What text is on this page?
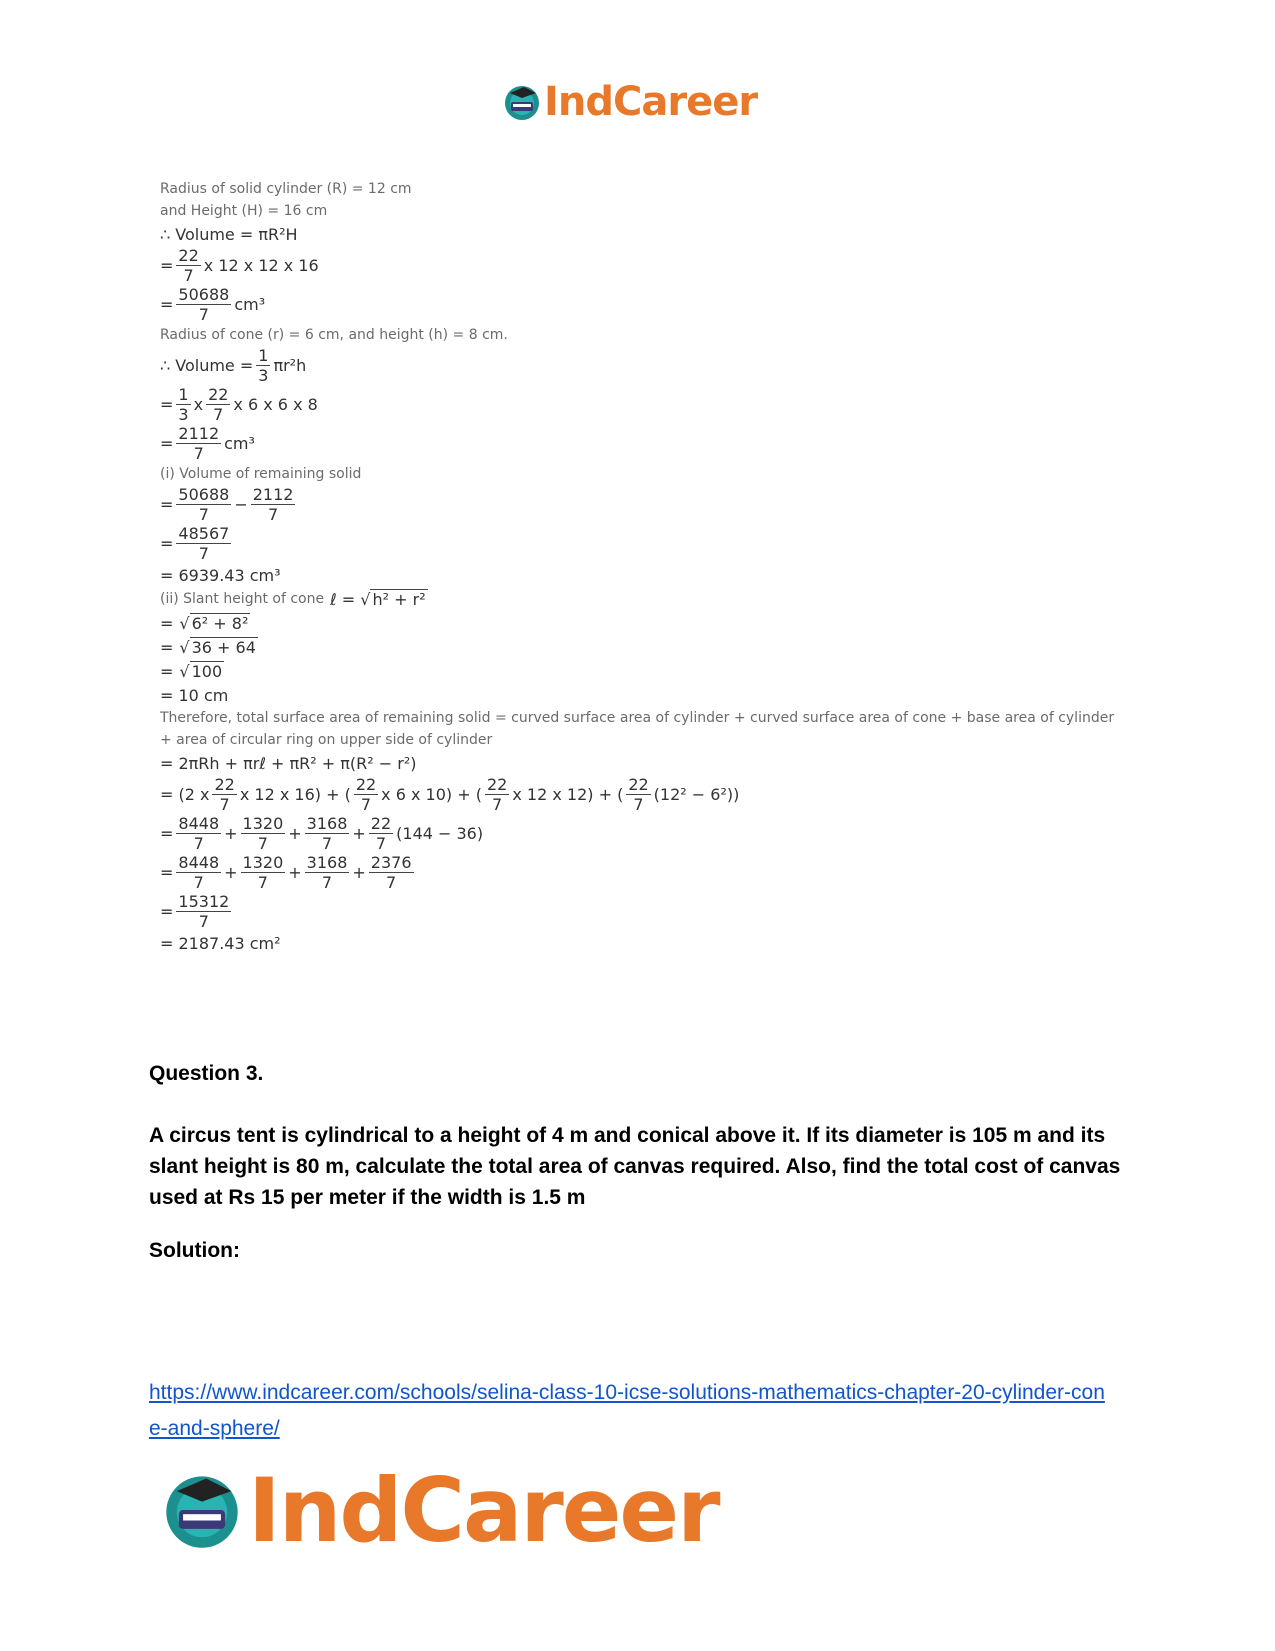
IndCareer
Radius of solid cylinder (R) = 12 cm
and Height (H) = 16 cm
∴ Volume = πR²H
= $\frac{22}{7}$ x 12 x 12 x 16
= $\frac{50688}{7} cm^3$
Radius of cone (r) = 6 cm, and height (h) = 8 cm.
∴ Volume = $\frac{1}{3} \pi r^2h$
= $\frac{1}{3}$ x $\frac{22}{7}$ x 6 x 6 x 8
= $\frac{2112}{7} cm^3$
(i) Volume of remaining solid
= $\frac{50688}{7} - \frac{2112}{7}$
= $\frac{48567}{7}$
= 6939.43 cm³
(ii) Slant height of cone ℓ = √ h² + r²
= √ 6² + 8²
= √ 36 + 64
= √ 100
= 10 cm
Therefore, total surface area of remaining solid = curved surface area of cylinder + curved surface area of cone + base area of cylinder + area of circular ring on upper side of cylinder
= 2πRh + πrℓ + πR² + π(R² − r²)
= (2 x $\frac{22}{7}$ x 12 x 16) + ( $\frac{22}{7}$ x 6 x 10) + ( $\frac{22}{7}$ x 12 x 12) + ( $\frac{22}{7} (12^2 - 6^2)$)
= $\frac{8448}{7} + \frac{1320}{7} + \frac{3168}{7} + \frac{22}{7} (144 - 36)$
= $\frac{8448}{7} + \frac{1320}{7} + \frac{3168}{7} + \frac{2376}{7}$
= $\frac{15312}{7}$
= 2187.43 cm²
Question 3.
A circus tent is cylindrical to a height of 4 m and conical above it. If its diameter is 105 m and its slant height is 80 m, calculate the total area of canvas required. Also, find the total cost of canvas used at Rs 15 per meter if the width is 1.5 m
Solution:
https://www.indcareer.com/schools/selina-class-10-icse-solutions-mathematics-chapter-20-cylinder-cone-and-sphere/
IndCareer
